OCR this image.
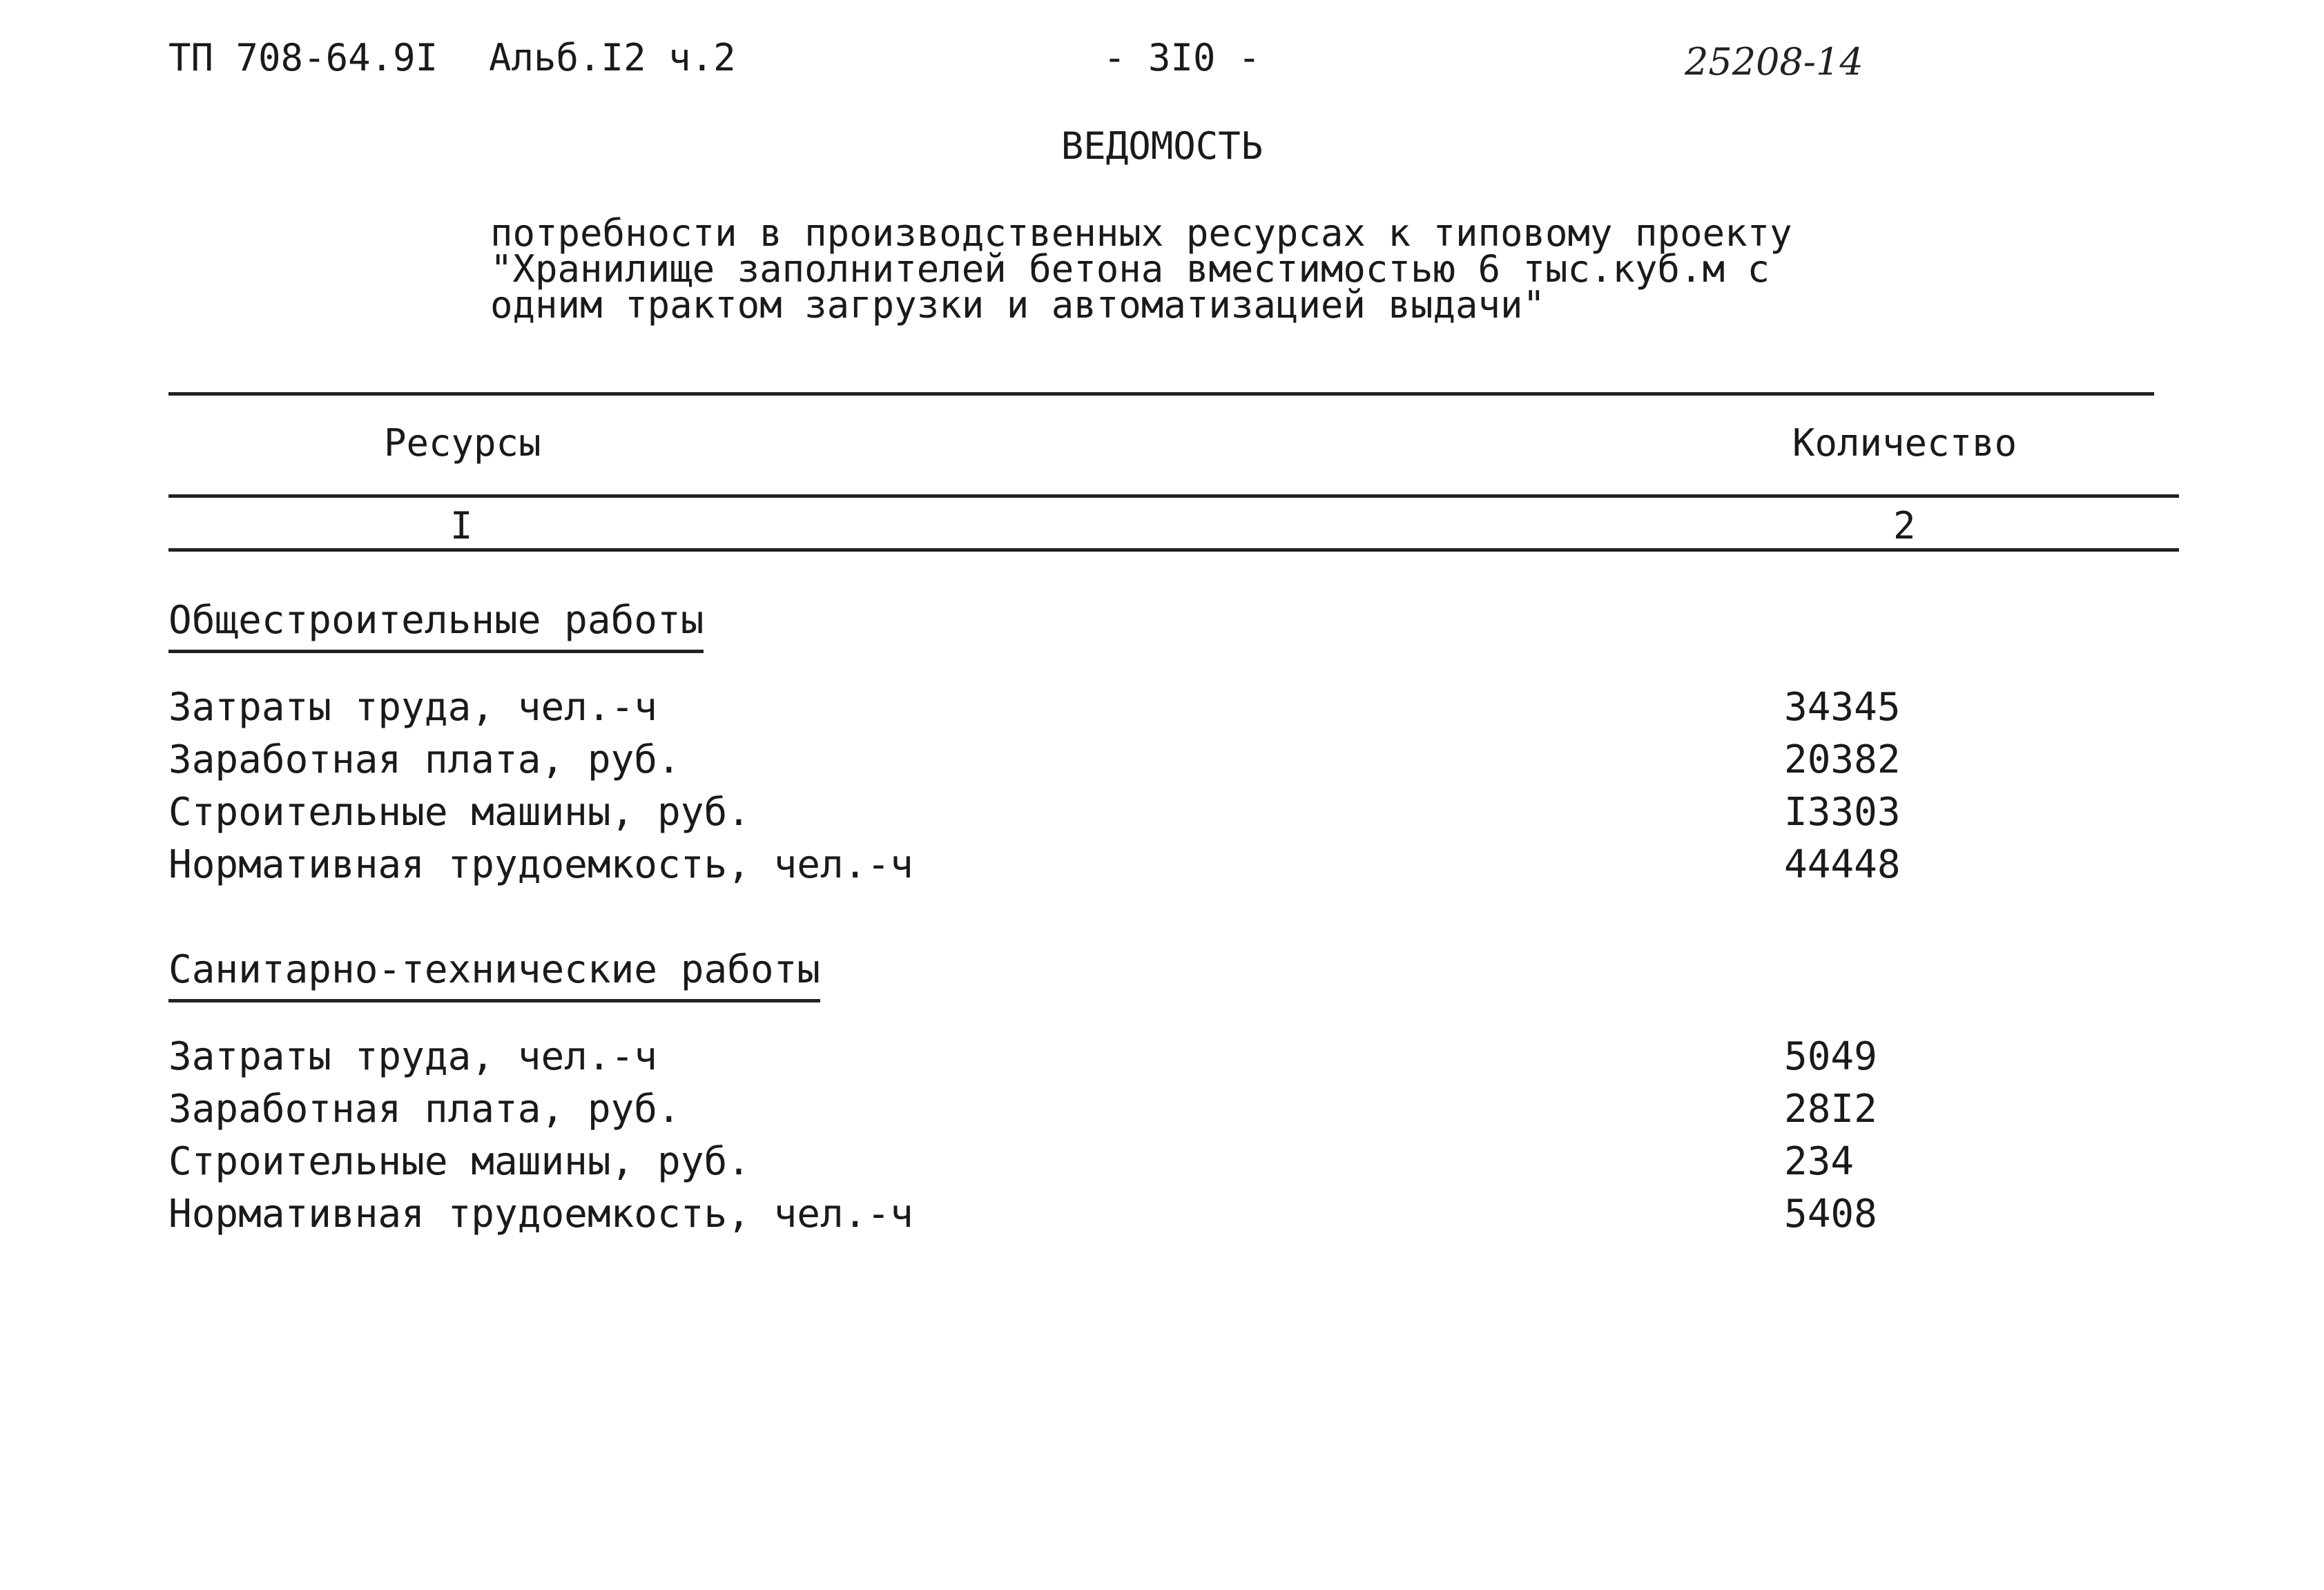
ТП 708-64.9I Альб.I2 ч.2	- 3I0 -	25208-14
ВЕДОМОСТЬ
потребности в производственных ресурсах к типовому проекту
"Хранилище заполнителей бетона вместимостью 6 тыс.куб.м с
одним трактом загрузки и автоматизацией выдачи"
Ресурсы	Количество
I	2
Общестроительные работы
Затраты труда, чел.-ч	34345
Заработная плата, руб.	20382
Строительные машины, руб.	I3303
Нормативная трудоемкость, чел.-ч	44448
Санитарно-технические работы
Затраты труда, чел.-ч	5049
Заработная плата, руб.	28I2
Строительные машины, руб.	234
Нормативная трудоемкость, чел.-ч	5408
